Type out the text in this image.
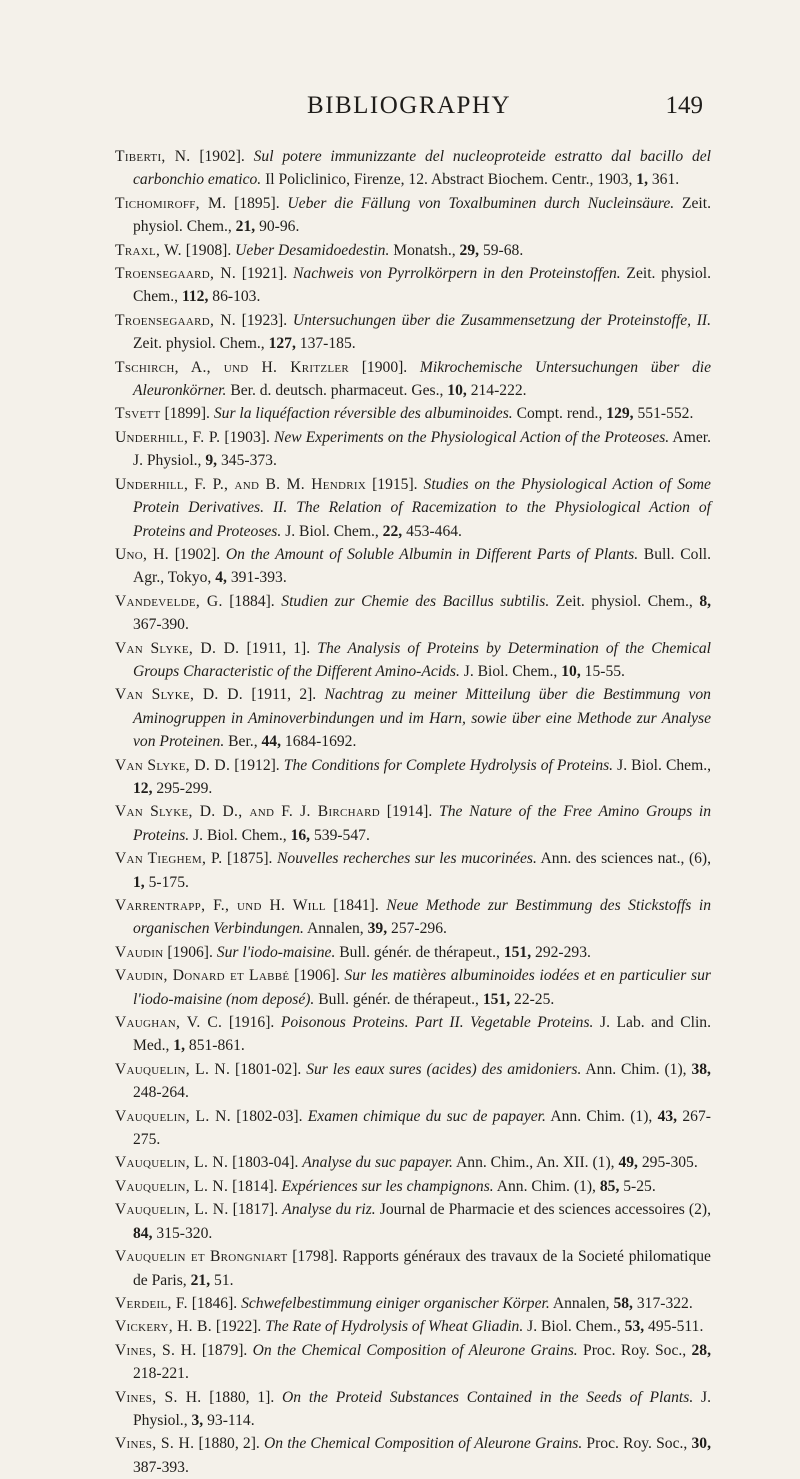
BIBLIOGRAPHY	149

Tiberti, N. [1902]. Sul potere immunizzante del nucleoproteide estratto dal bacillo del carbonchio ematico. Il Policlinico, Firenze, 12. Abstract Biochem. Centr., 1903, 1, 361.

Tichomiroff, M. [1895]. Ueber die Fällung von Toxalbuminen durch Nucleinsäure. Zeit. physiol. Chem., 21, 90-96.

Traxl, W. [1908]. Ueber Desamidoedestin. Monatsh., 29, 59-68.

Troensegaard, N. [1921]. Nachweis von Pyrrolkörpern in den Proteinstoffen. Zeit. physiol. Chem., 112, 86-103.

Troensegaard, N. [1923]. Untersuchungen über die Zusammensetzung der Proteinstoffe, II. Zeit. physiol. Chem., 127, 137-185.

Tschirch, A., und H. Kritzler [1900]. Mikrochemische Untersuchungen über die Aleuronkörner. Ber. d. deutsch. pharmaceut. Ges., 10, 214-222.

Tsvett [1899]. Sur la liquéfaction réversible des albuminoides. Compt. rend., 129, 551-552.

Underhill, F. P. [1903]. New Experiments on the Physiological Action of the Proteoses. Amer. J. Physiol., 9, 345-373.

Underhill, F. P., and B. M. Hendrix [1915]. Studies on the Physiological Action of Some Protein Derivatives. II. The Relation of Racemization to the Physiological Action of Proteins and Proteoses. J. Biol. Chem., 22, 453-464.

Uno, H. [1902]. On the Amount of Soluble Albumin in Different Parts of Plants. Bull. Coll. Agr., Tokyo, 4, 391-393.

Vandevelde, G. [1884]. Studien zur Chemie des Bacillus subtilis. Zeit. physiol. Chem., 8, 367-390.

Van Slyke, D. D. [1911, 1]. The Analysis of Proteins by Determination of the Chemical Groups Characteristic of the Different Amino-Acids. J. Biol. Chem., 10, 15-55.

Van Slyke, D. D. [1911, 2]. Nachtrag zu meiner Mitteilung über die Bestimmung von Aminogruppen in Aminoverbindungen und im Harn, sowie über eine Methode zur Analyse von Proteinen. Ber., 44, 1684-1692.

Van Slyke, D. D. [1912]. The Conditions for Complete Hydrolysis of Proteins. J. Biol. Chem., 12, 295-299.

Van Slyke, D. D., and F. J. Birchard [1914]. The Nature of the Free Amino Groups in Proteins. J. Biol. Chem., 16, 539-547.

Van Tieghem, P. [1875]. Nouvelles recherches sur les mucorinées. Ann. des sciences nat., (6), 1, 5-175.

Varrentrapp, F., und H. Will [1841]. Neue Methode zur Bestimmung des Stickstoffs in organischen Verbindungen. Annalen, 39, 257-296.

Vaudin [1906]. Sur l'iodo-maisine. Bull. génér. de thérapeut., 151, 292-293.

Vaudin, Donard et Labbé [1906]. Sur les matières albuminoides iodées et en particulier sur l'iodo-maisine (nom deposé). Bull. génér. de thérapeut., 151, 22-25.

Vaughan, V. C. [1916]. Poisonous Proteins. Part II. Vegetable Proteins. J. Lab. and Clin. Med., 1, 851-861.

Vauquelin, L. N. [1801-02]. Sur les eaux sures (acides) des amidoniers. Ann. Chim. (1), 38, 248-264.

Vauquelin, L. N. [1802-03]. Examen chimique du suc de papayer. Ann. Chim. (1), 43, 267-275.

Vauquelin, L. N. [1803-04]. Analyse du suc papayer. Ann. Chim., An. XII. (1), 49, 295-305.

Vauquelin, L. N. [1814]. Expériences sur les champignons. Ann. Chim. (1), 85, 5-25.

Vauquelin, L. N. [1817]. Analyse du riz. Journal de Pharmacie et des sciences accessoires (2), 84, 315-320.

Vauquelin et Brongniart [1798]. Rapports généraux des travaux de la Societé philomatique de Paris, 21, 51.

Verdeil, F. [1846]. Schwefelbestimmung einiger organischer Körper. Annalen, 58, 317-322.

Vickery, H. B. [1922]. The Rate of Hydrolysis of Wheat Gliadin. J. Biol. Chem., 53, 495-511.

Vines, S. H. [1879]. On the Chemical Composition of Aleurone Grains. Proc. Roy. Soc., 28, 218-221.

Vines, S. H. [1880, 1]. On the Proteid Substances Contained in the Seeds of Plants. J. Physiol., 3, 93-114.

Vines, S. H. [1880, 2]. On the Chemical Composition of Aleurone Grains. Proc. Roy. Soc., 30, 387-393.
